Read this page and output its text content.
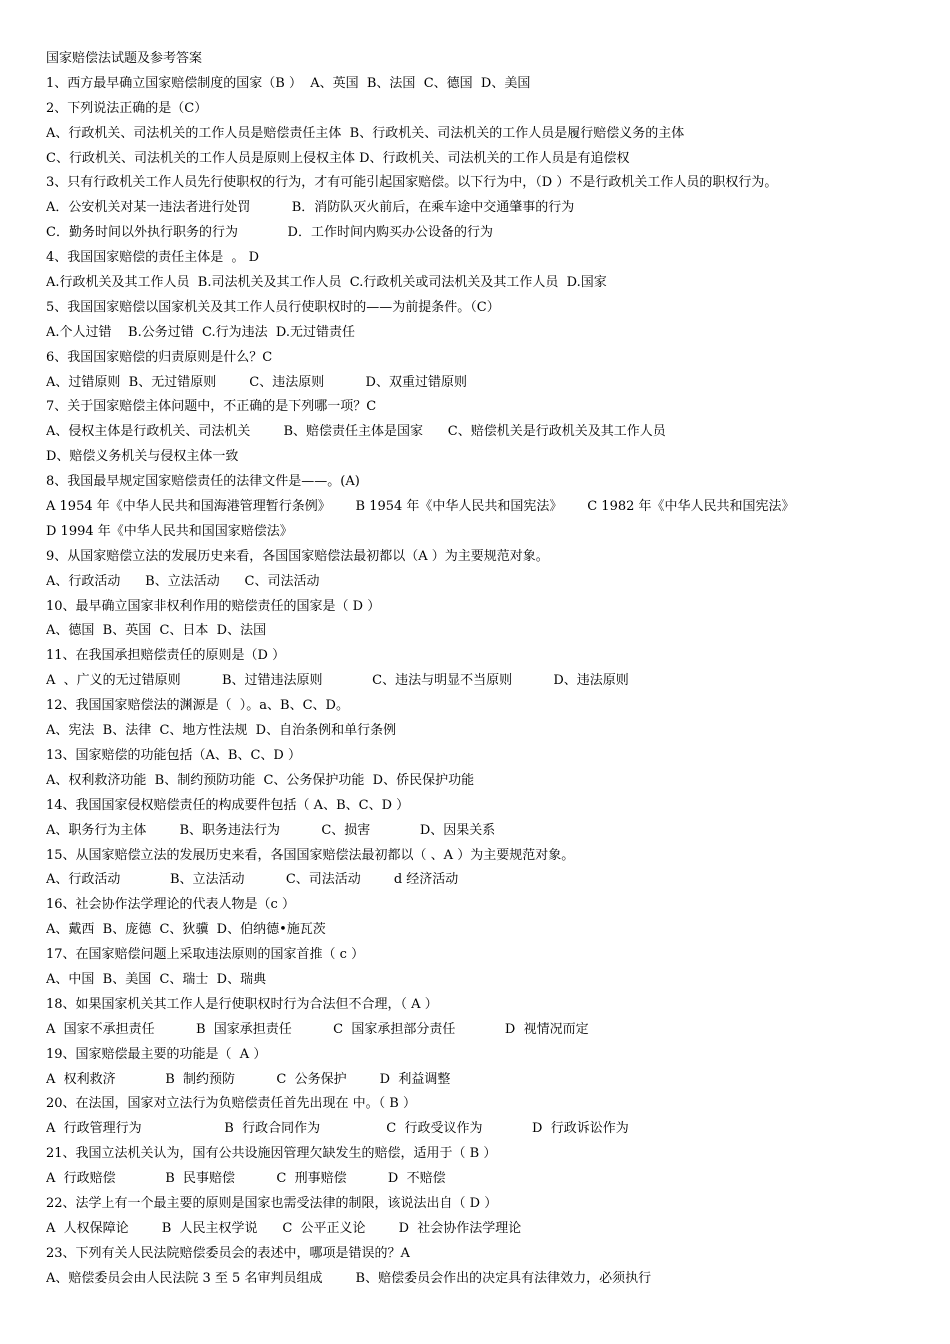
国家赔偿法试题及参考答案
1、西方最早确立国家赔偿制度的国家（B ）  A、英国  B、法国  C、德国  D、美国
2、下列说法正确的是（C）
A、行政机关、司法机关的工作人员是赔偿责任主体  B、行政机关、司法机关的工作人员是履行赔偿义务的主体
C、行政机关、司法机关的工作人员是原则上侵权主体 D、行政机关、司法机关的工作人员是有追偿权
3、只有行政机关工作人员先行使职权的行为，才有可能引起国家赔偿。以下行为中，（D ）不是行政机关工作人员的职权行为。
A．公安机关对某一违法者进行处罚          B．消防队灭火前后，在乘车途中交通肇事的行为
C．勤务时间以外执行职务的行为            D．工作时间内购买办公设备的行为
4、我国国家赔偿的责任主体是  。 D
A.行政机关及其工作人员  B.司法机关及其工作人员  C.行政机关或司法机关及其工作人员  D.国家
5、我国国家赔偿以国家机关及其工作人员行使职权时的——为前提条件。（C）
A.个人过错    B.公务过错  C.行为违法  D.无过错责任
6、我国国家赔偿的归责原则是什么？C
A、过错原则  B、无过错原则        C、违法原则          D、双重过错原则
7、关于国家赔偿主体问题中，不正确的是下列哪一项？C
A、侵权主体是行政机关、司法机关        B、赔偿责任主体是国家      C、赔偿机关是行政机关及其工作人员
D、赔偿义务机关与侵权主体一致
8、我国最早规定国家赔偿责任的法律文件是——。(A)
A 1954 年《中华人民共和国海港管理暂行条例》      B 1954 年《中华人民共和国宪法》      C 1982 年《中华人民共和国宪法》
D 1994 年《中华人民共和国国家赔偿法》
9、从国家赔偿立法的发展历史来看，各国国家赔偿法最初都以（A ）为主要规范对象。
A、行政活动      B、立法活动      C、司法活动
10、最早确立国家非权利作用的赔偿责任的国家是（ D ）
A、德国  B、英国  C、日本  D、法国
11、在我国承担赔偿责任的原则是（D ）
A  、广义的无过错原则          B、过错违法原则            C、违法与明显不当原则          D、违法原则
12、我国国家赔偿法的渊源是（  ）。a、B、C、D。
A、宪法  B、法律  C、地方性法规  D、自治条例和单行条例
13、国家赔偿的功能包括（A、B、C、D ）
A、权利救济功能  B、制约预防功能  C、公务保护功能  D、侨民保护功能
14、我国国家侵权赔偿责任的构成要件包括（ A、B、C、D ）
A、职务行为主体        B、职务违法行为          C、损害            D、因果关系
15、从国家赔偿立法的发展历史来看，各国国家赔偿法最初都以（ 、A ）为主要规范对象。
A、行政活动            B、立法活动          C、司法活动        d 经济活动
16、社会协作法学理论的代表人物是（c ）
A、戴西  B、庞德  C、狄骥  D、伯纳德•施瓦茨
17、在国家赔偿问题上采取违法原则的国家首推（ c ）
A、中国  B、美国  C、瑞士  D、瑞典
18、如果国家机关其工作人是行使职权时行为合法但不合理，（ A ）
A  国家不承担责任          B  国家承担责任          C  国家承担部分责任            D  视情况而定
19、国家赔偿最主要的功能是（  A ）
A  权利救济            B  制约预防          C  公务保护        D  利益调整
20、在法国，国家对立法行为负赔偿责任首先出现在 中。（ B ）
A  行政管理行为                    B  行政合同作为                C  行政受议作为            D  行政诉讼作为
21、我国立法机关认为，国有公共设施因管理欠缺发生的赔偿，适用于（ B ）
A  行政赔偿            B  民事赔偿          C  刑事赔偿          D  不赔偿
22、法学上有一个最主要的原则是国家也需受法律的制限，该说法出自（ D ）
A  人权保障论        B  人民主权学说      C  公平正义论        D  社会协作法学理论
23、下列有关人民法院赔偿委员会的表述中，哪项是错误的？A
A、赔偿委员会由人民法院 3 至 5 名审判员组成        B、赔偿委员会作出的决定具有法律效力，必须执行
